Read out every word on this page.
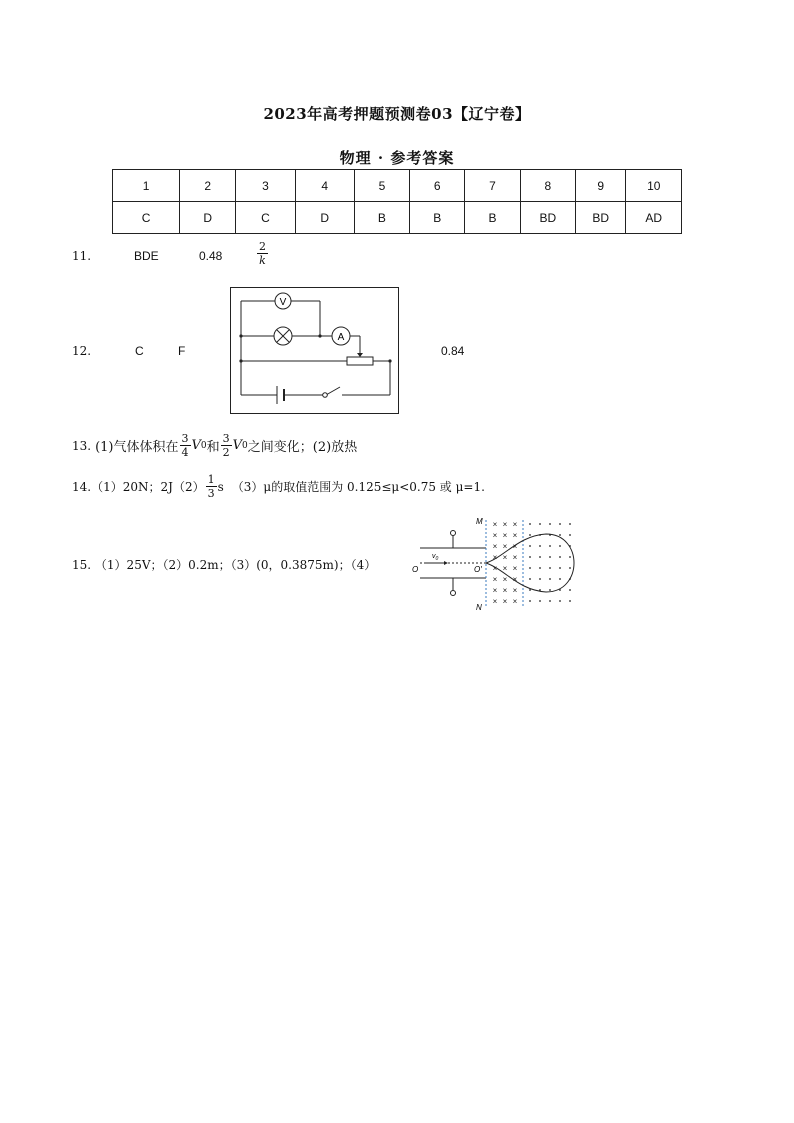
2023年高考押题预测卷03【辽宁卷】
物理 · 参考答案
1	2	3	4	5	6	7	8	9	10
C	D	C	D	B	B	B	BD	BD	AD
11.	BDE	0.48	$\frac{2}{k}$
12.	C	F	0.84
V
A
13. (1)气体体积在 $\frac{3}{4}$ V 0 和 $\frac{3}{2}$ V 0 之间变化；(2)放热
14. （1）20N；$2J(2) \frac{1}{3}$ s （3）μ的取值范围为 0.125≤μ<0.75 或 μ=1.
15. （1）25V；（2）0.2m；（3）(0，0.3875m)；（4）
× × ×
× × ×
× × ×
× × ×
× × ×
× × ×
× × ×
× × ×
M
N
O	O′
$v_0$
